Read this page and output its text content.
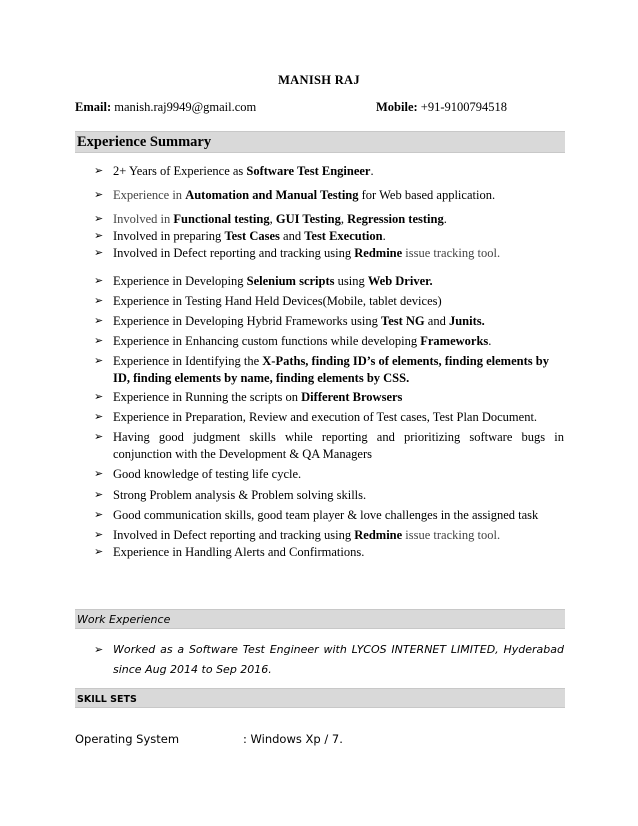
MANISH RAJ
Email: manish.raj9949@gmail.com	Mobile: +91-9100794518
Experience Summary
➢ 2+ Years of Experience as Software Test Engineer.
➢ Experience in Automation and Manual Testing for Web based application.
➢ Involved in Functional testing, GUI Testing, Regression testing.
➢ Involved in preparing Test Cases and Test Execution.
➢ Involved in Defect reporting and tracking using Redmine issue tracking tool.
➢ Experience in Developing Selenium scripts using Web Driver.
➢ Experience in Testing Hand Held Devices(Mobile, tablet devices)
➢ Experience in Developing Hybrid Frameworks using Test NG and Junits.
➢ Experience in Enhancing custom functions while developing Frameworks.
➢ Experience in Identifying the X-Paths, finding ID’s of elements, finding elements by ID, finding elements by name, finding elements by CSS.
➢ Experience in Running the scripts on Different Browsers
➢ Experience in Preparation, Review and execution of Test cases, Test Plan Document.
➢ Having good judgment skills while reporting and prioritizing software bugs in conjunction with the Development & QA Managers
➢ Good knowledge of testing life cycle.
➢ Strong Problem analysis & Problem solving skills.
➢ Good communication skills, good team player & love challenges in the assigned task
➢ Involved in Defect reporting and tracking using Redmine issue tracking tool.
➢ Experience in Handling Alerts and Confirmations.
Work Experience
➢ Worked as a Software Test Engineer with LYCOS INTERNET LIMITED, Hyderabad since Aug 2014 to Sep 2016.
SKILL SETS
Operating System	: Windows Xp / 7.
